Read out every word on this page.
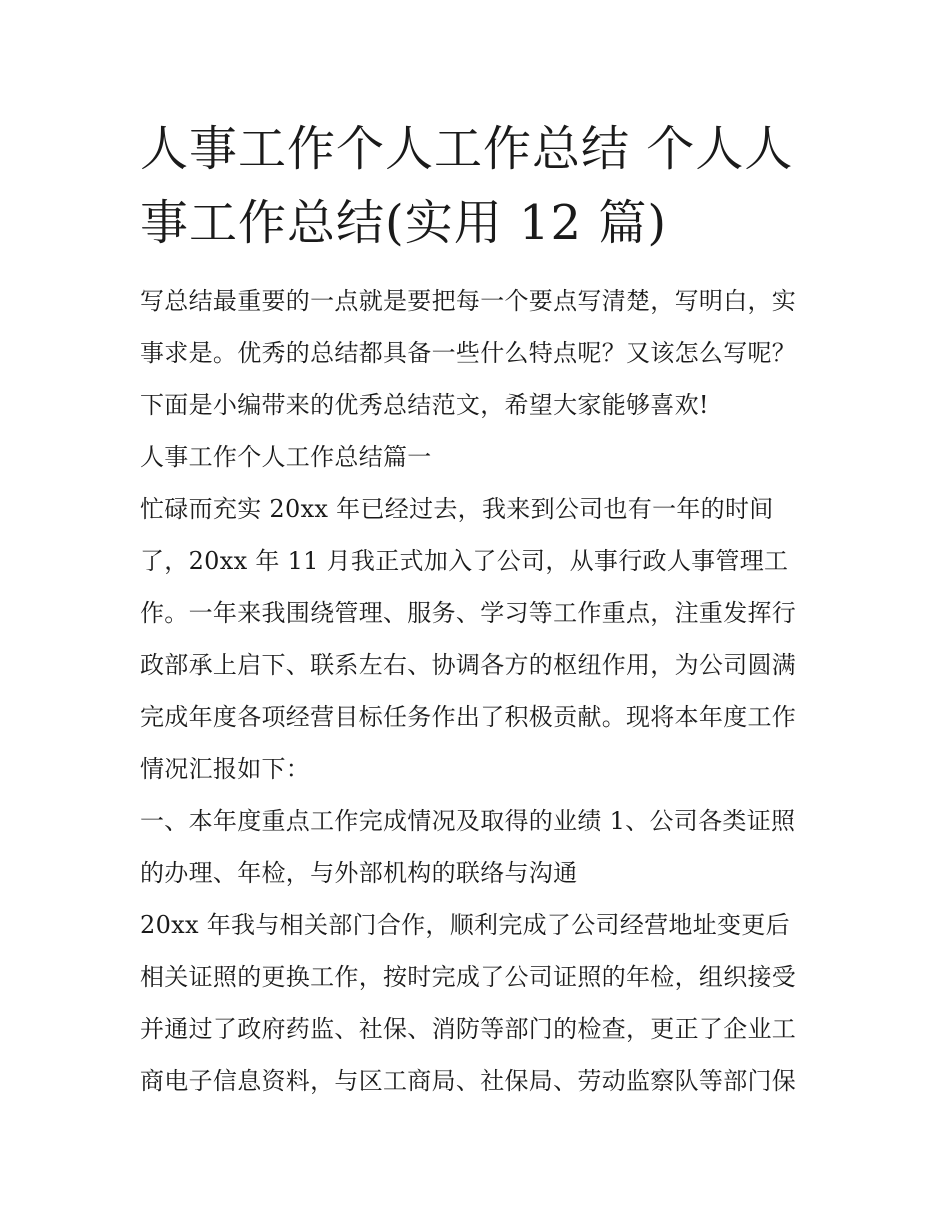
人事工作个人工作总结 个人人
事工作总结(实用 12 篇)
写总结最重要的一点就是要把每一个要点写清楚，写明白，实
事求是。优秀的总结都具备一些什么特点呢？又该怎么写呢？
下面是小编带来的优秀总结范文，希望大家能够喜欢!
人事工作个人工作总结篇一
忙碌而充实 20xx 年已经过去，我来到公司也有一年的时间
了，20xx 年 11 月我正式加入了公司，从事行政人事管理工
作。一年来我围绕管理、服务、学习等工作重点，注重发挥行
政部承上启下、联系左右、协调各方的枢纽作用，为公司圆满
完成年度各项经营目标任务作出了积极贡献。现将本年度工作
情况汇报如下：
一、本年度重点工作完成情况及取得的业绩 1、公司各类证照
的办理、年检，与外部机构的联络与沟通
20xx 年我与相关部门合作，顺利完成了公司经营地址变更后
相关证照的更换工作，按时完成了公司证照的年检，组织接受
并通过了政府药监、社保、消防等部门的检查，更正了企业工
商电子信息资料，与区工商局、社保局、劳动监察队等部门保
